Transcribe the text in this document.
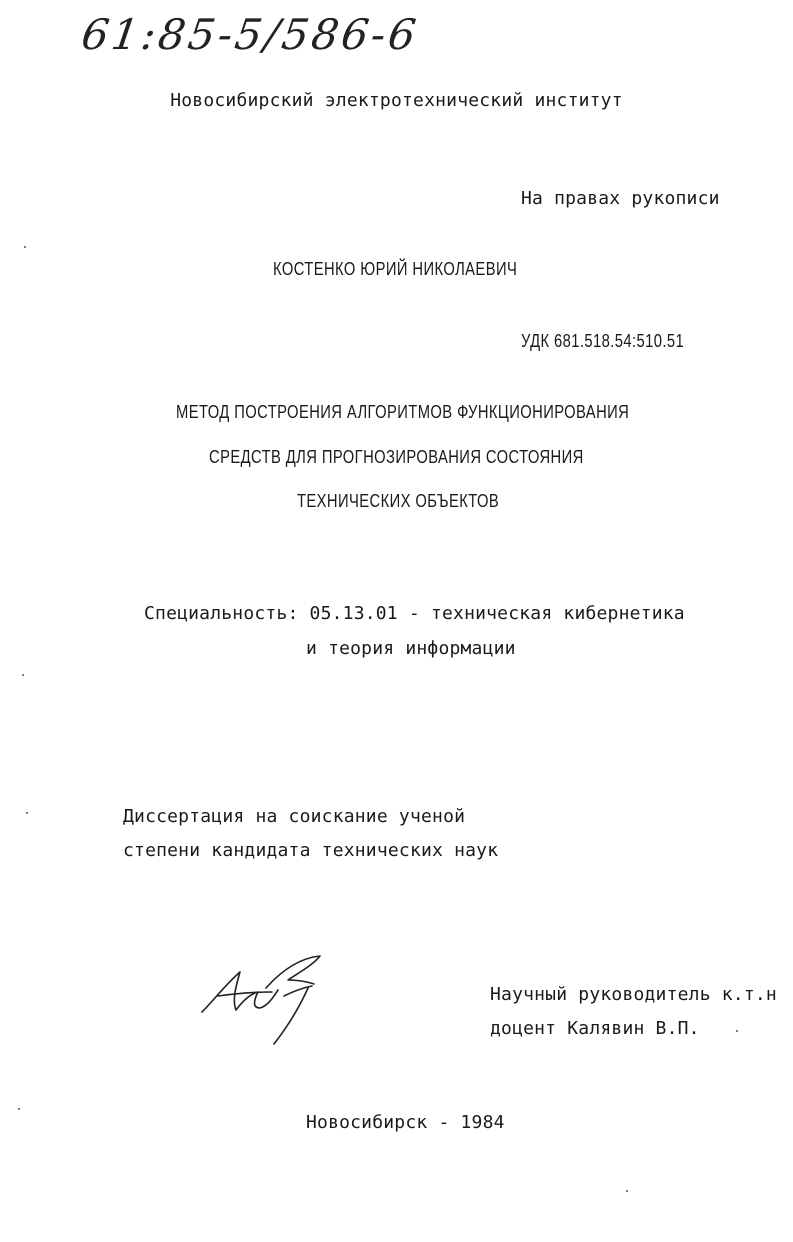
61:85-5/586-6
Новосибирский электротехнический институт
На правах рукописи
КОСТЕНКО ЮРИЙ НИКОЛАЕВИЧ
УДК 681.518.54:510.51
МЕТОД ПОСТРОЕНИЯ АЛГОРИТМОВ ФУНКЦИОНИРОВАНИЯ
СРЕДСТВ ДЛЯ ПРОГНОЗИРОВАНИЯ СОСТОЯНИЯ
ТЕХНИЧЕСКИХ ОБЪЕКТОВ
Специальность: 05.13.01 - техническая кибернетика
и теория информации
Диссертация на соискание ученой
степени кандидата технических наук
Научный руководитель к.т.н
доцент Калявин В.П.
Новосибирск - 1984
